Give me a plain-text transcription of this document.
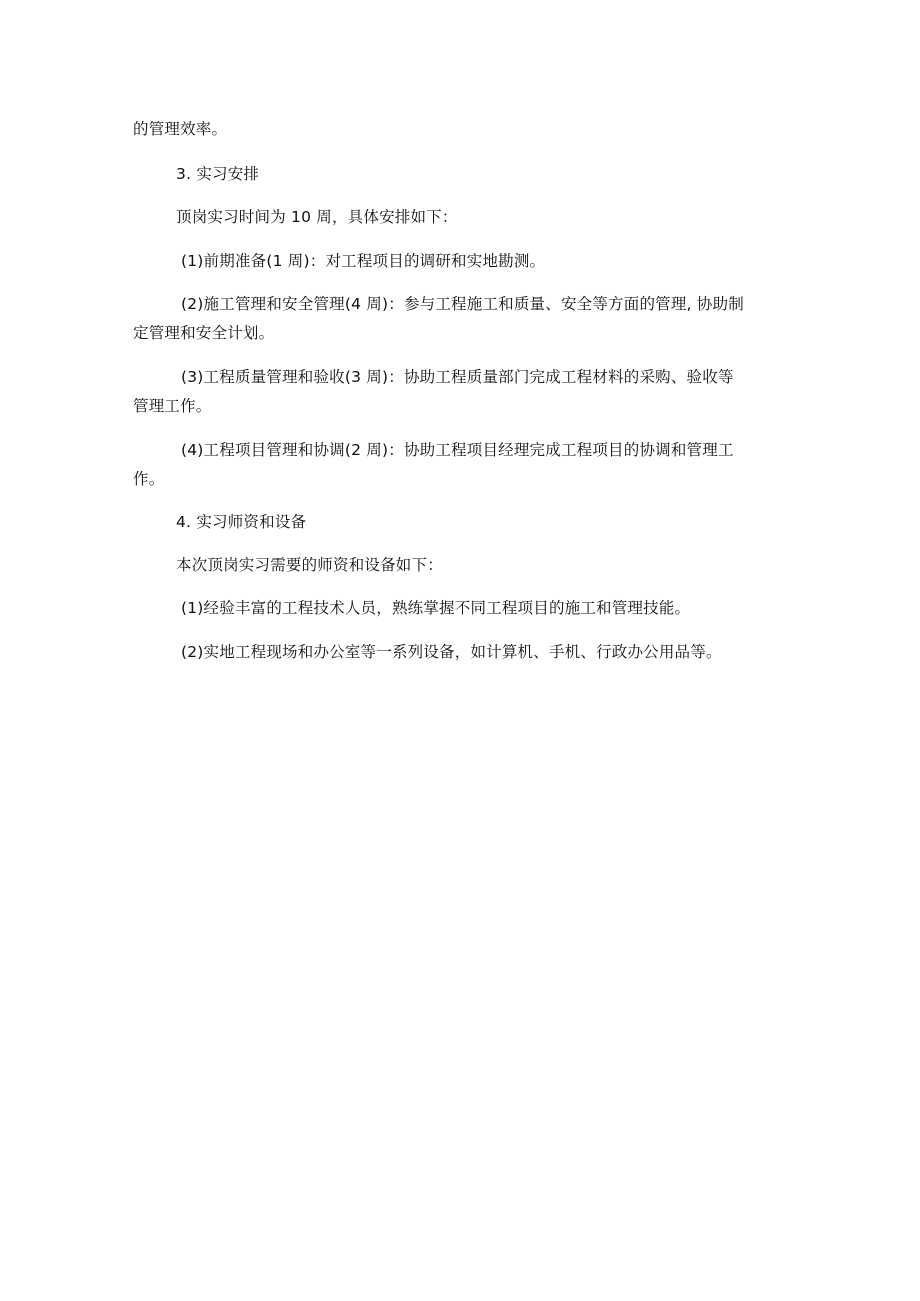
的管理效率。

3. 实习安排

顶岗实习时间为 10 周，具体安排如下：

(1)前期准备(1 周)：对工程项目的调研和实地勘测。

(2)施工管理和安全管理(4 周)：参与工程施工和质量、安全等方面的管理, 协助制

定管理和安全计划。

(3)工程质量管理和验收(3 周)：协助工程质量部门完成工程材料的采购、验收等

管理工作。

(4)工程项目管理和协调(2 周)：协助工程项目经理完成工程项目的协调和管理工

作。

4. 实习师资和设备

本次顶岗实习需要的师资和设备如下：

(1)经验丰富的工程技术人员，熟练掌握不同工程项目的施工和管理技能。

(2)实地工程现场和办公室等一系列设备，如计算机、手机、行政办公用品等。
